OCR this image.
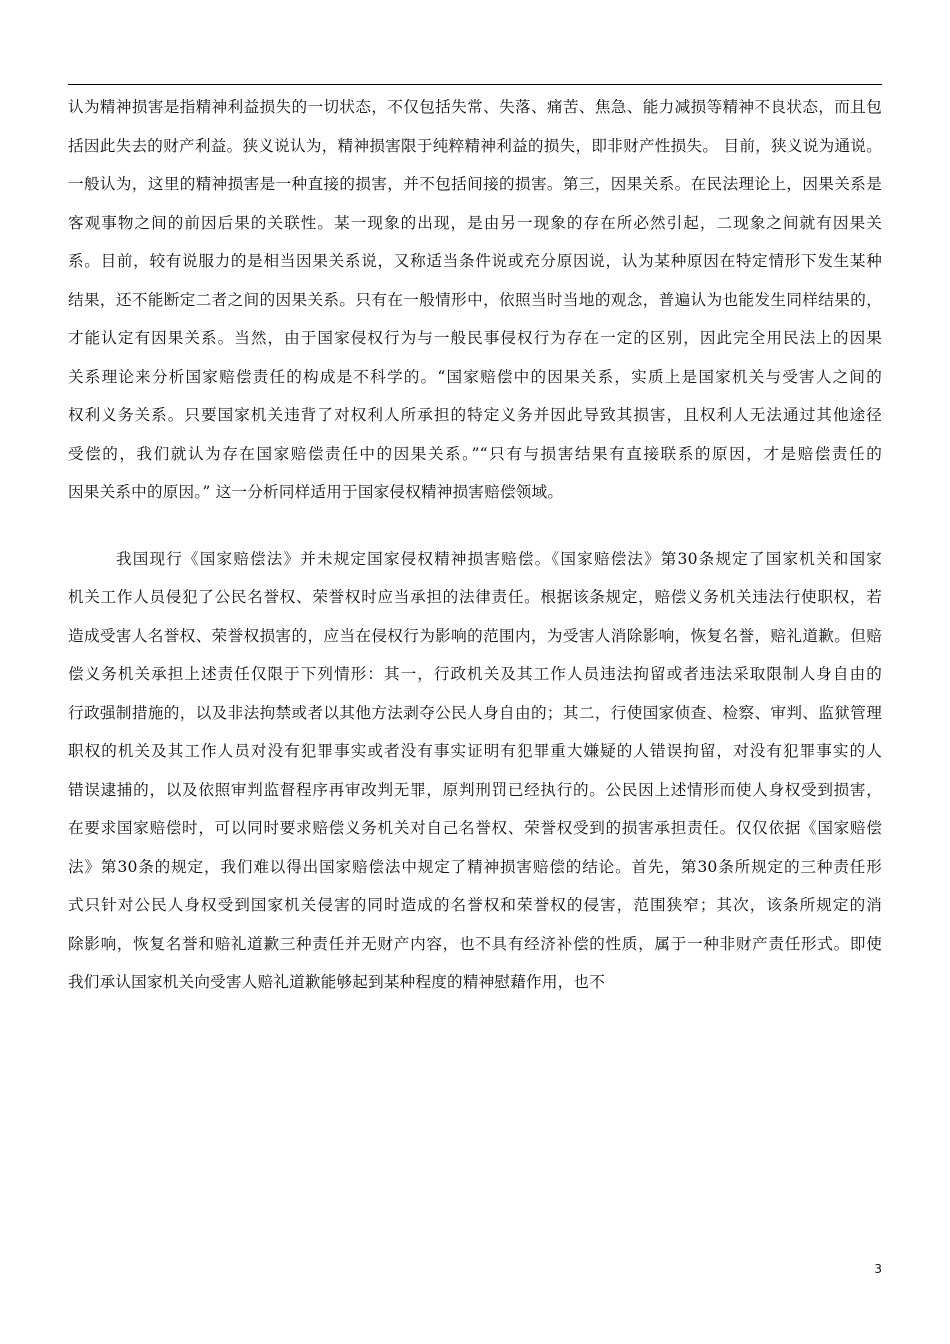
认为精神损害是指精神利益损失的一切状态，不仅包括失常、失落、痛苦、焦急、能力减损等精神不良状态，而且包
括因此失去的财产利益。狭义说认为，精神损害限于纯粹精神利益的损失，即非财产性损失。 目前，狭义说为通说。
一般认为，这里的精神损害是一种直接的损害，并不包括间接的损害。第三，因果关系。在民法理论上，因果关系是
客观事物之间的前因后果的关联性。某一现象的出现，是由另一现象的存在所必然引起，二现象之间就有因果关
系。目前，较有说服力的是相当因果关系说，又称适当条件说或充分原因说，认为某种原因在特定情形下发生某种
结果，还不能断定二者之间的因果关系。只有在一般情形中，依照当时当地的观念，普遍认为也能发生同样结果的，
才能认定有因果关系。当然，由于国家侵权行为与一般民事侵权行为存在一定的区别，因此完全用民法上的因果
关系理论来分析国家赔偿责任的构成是不科学的。“国家赔偿中的因果关系，实质上是国家机关与受害人之间的
权利义务关系。只要国家机关违背了对权利人所承担的特定义务并因此导致其损害，且权利人无法通过其他途径
受偿的，我们就认为存在国家赔偿责任中的因果关系。”“只有与损害结果有直接联系的原因，才是赔偿责任的
因果关系中的原因。” 这一分析同样适用于国家侵权精神损害赔偿领域。
我国现行《国家赔偿法》并未规定国家侵权精神损害赔偿。《国家赔偿法》第30条规定了国家机关和国家
机关工作人员侵犯了公民名誉权、荣誉权时应当承担的法律责任。根据该条规定，赔偿义务机关违法行使职权，若
造成受害人名誉权、荣誉权损害的，应当在侵权行为影响的范围内，为受害人消除影响，恢复名誉，赔礼道歉。但赔
偿义务机关承担上述责任仅限于下列情形：其一，行政机关及其工作人员违法拘留或者违法采取限制人身自由的
行政强制措施的，以及非法拘禁或者以其他方法剥夺公民人身自由的；其二，行使国家侦查、检察、审判、监狱管理
职权的机关及其工作人员对没有犯罪事实或者没有事实证明有犯罪重大嫌疑的人错误拘留，对没有犯罪事实的人
错误逮捕的，以及依照审判监督程序再审改判无罪，原判刑罚已经执行的。公民因上述情形而使人身权受到损害，
在要求国家赔偿时，可以同时要求赔偿义务机关对自己名誉权、荣誉权受到的损害承担责任。仅仅依据《国家赔偿
法》第30条的规定，我们难以得出国家赔偿法中规定了精神损害赔偿的结论。首先，第30条所规定的三种责任形
式只针对公民人身权受到国家机关侵害的同时造成的名誉权和荣誉权的侵害，范围狭窄；其次，该条所规定的消
除影响，恢复名誉和赔礼道歉三种责任并无财产内容，也不具有经济补偿的性质，属于一种非财产责任形式。即使
我们承认国家机关向受害人赔礼道歉能够起到某种程度的精神慰藉作用，也不
3
